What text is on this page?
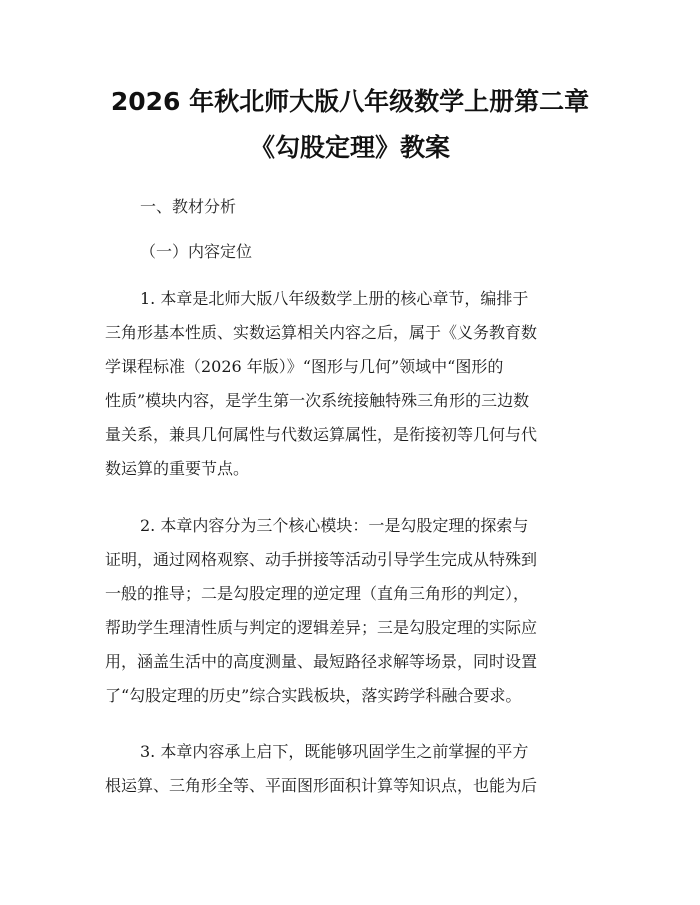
2026 年秋北师大版八年级数学上册第二章
《勾股定理》教案
一、教材分析
（一）内容定位
1. 本章是北师大版八年级数学上册的核心章节，编排于
三角形基本性质、实数运算相关内容之后，属于《义务教育数
学课程标准（2026 年版）》“图形与几何”领域中“图形的
性质”模块内容，是学生第一次系统接触特殊三角形的三边数
量关系，兼具几何属性与代数运算属性，是衔接初等几何与代
数运算的重要节点。
2. 本章内容分为三个核心模块：一是勾股定理的探索与
证明，通过网格观察、动手拼接等活动引导学生完成从特殊到
一般的推导；二是勾股定理的逆定理（直角三角形的判定），
帮助学生理清性质与判定的逻辑差异；三是勾股定理的实际应
用，涵盖生活中的高度测量、最短路径求解等场景，同时设置
了“勾股定理的历史”综合实践板块，落实跨学科融合要求。
3. 本章内容承上启下，既能够巩固学生之前掌握的平方
根运算、三角形全等、平面图形面积计算等知识点，也能为后
